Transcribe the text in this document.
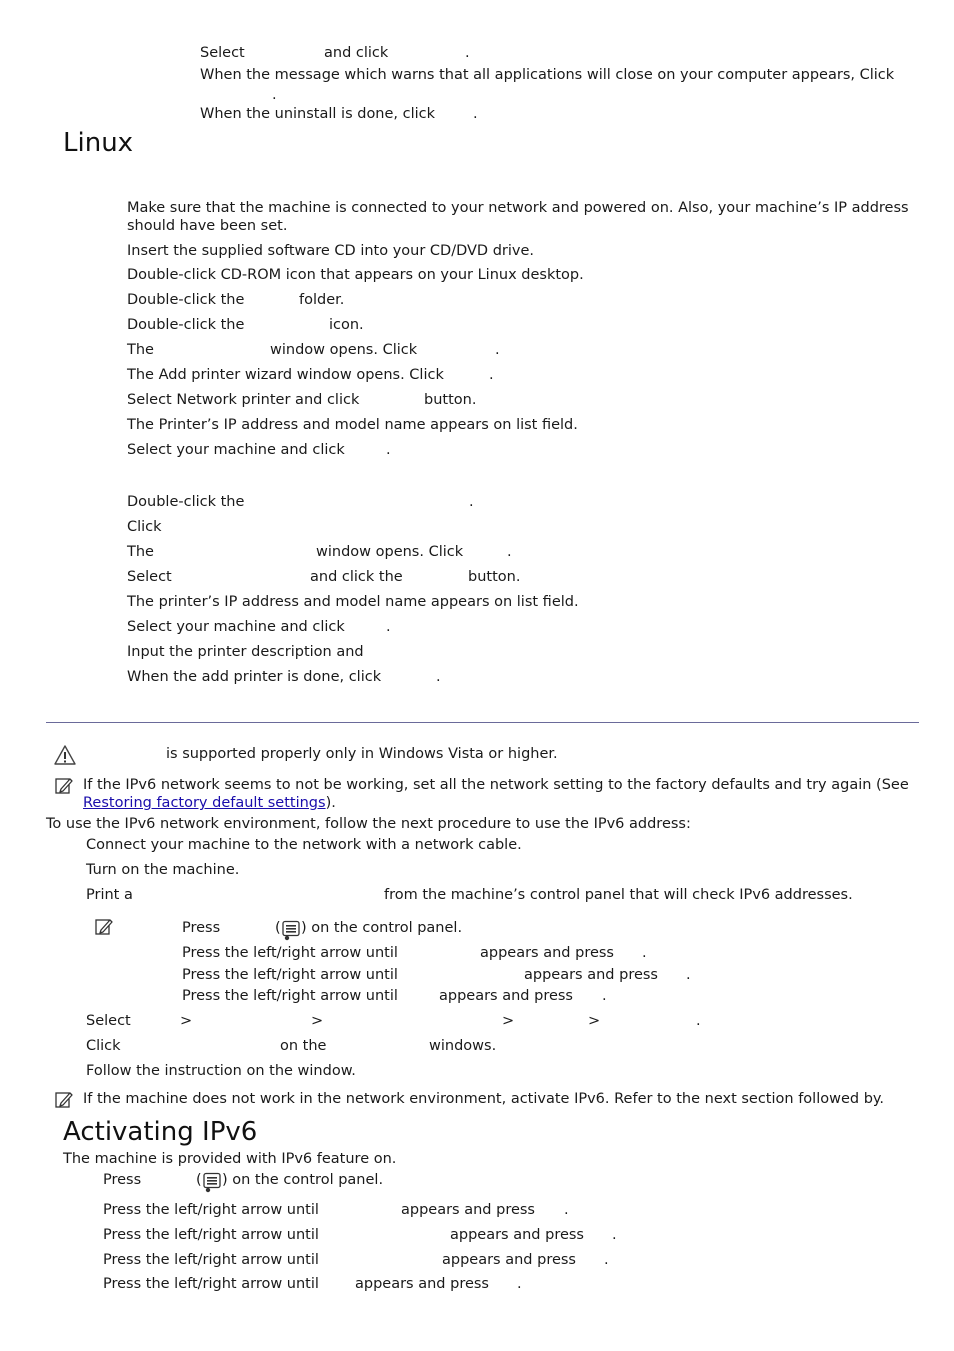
Select	and click	.
When the message which warns that all applications will close on your computer appears, Click
.
When the uninstall is done, click	.
Linux
Make sure that the machine is connected to your network and powered on. Also, your machine’s IP address should have been set.
Insert the supplied software CD into your CD/DVD drive.
Double-click CD-ROM icon that appears on your Linux desktop.
Double-click the	folder.
Double-click the	icon.
The	window opens. Click	.
The Add printer wizard window opens. Click	.
Select Network printer and click	button.
The Printer’s IP address and model name appears on list field.
Select your machine and click	.
Double-click the	.
Click
The	window opens. Click	.
Select	and click the	button.
The printer’s IP address and model name appears on list field.
Select your machine and click	.
Input the printer description and
When the add printer is done, click	.
is supported properly only in Windows Vista or higher.
If the IPv6 network seems to not be working, set all the network setting to the factory defaults and try again (See
Restoring factory default settings).
To use the IPv6 network environment, follow the next procedure to use the IPv6 address:
Connect your machine to the network with a network cable.
Turn on the machine.
Print a	from the machine’s control panel that will check IPv6 addresses.
Press	( ) on the control panel.
Press the left/right arrow until	appears and press .
Press the left/right arrow until	appears and press .
Press the left/right arrow until	appears and press .
Select	>	>	>	>	.
Click	on the	windows.
Follow the instruction on the window.
If the machine does not work in the network environment, activate IPv6. Refer to the next section followed by.
Activating IPv6
The machine is provided with IPv6 feature on.
Press	( ) on the control panel.
Press the left/right arrow until	appears and press .
Press the left/right arrow until	appears and press .
Press the left/right arrow until	appears and press .
Press the left/right arrow until appears and press .
